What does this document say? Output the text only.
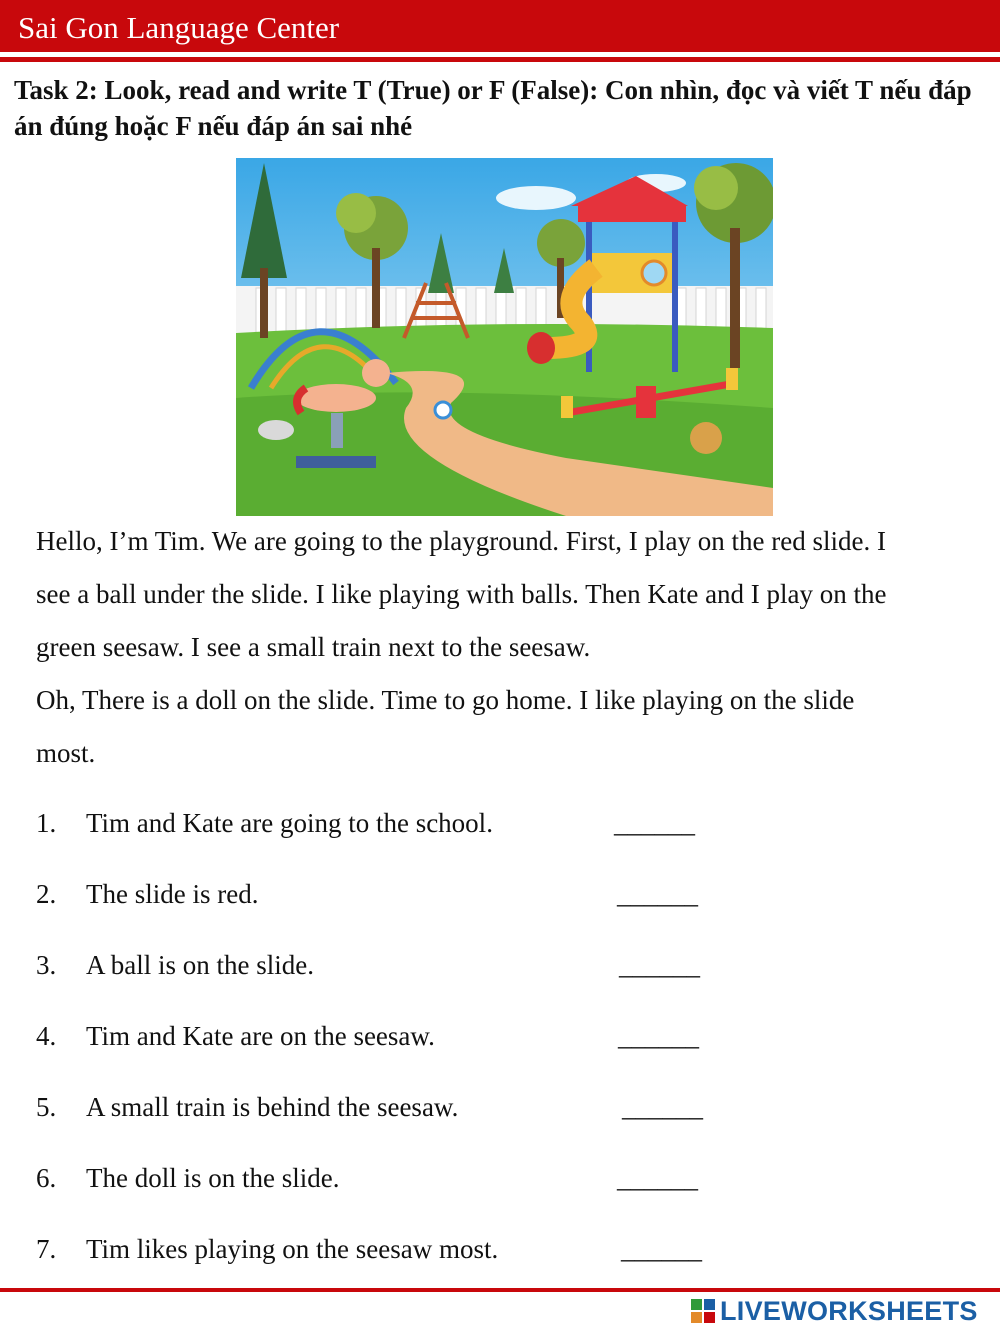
Sai Gon Language Center
Task 2: Look, read and write T (True) or F (False): Con nhìn, đọc và viết T nếu đáp án đúng hoặc F nếu đáp án sai nhé

Hello, I’m Tim. We are going to the playground. First, I play on the red slide. I

see a ball under the slide. I like playing with balls. Then Kate and I play on the

green seesaw. I see a small train next to the seesaw.

Oh, There is a doll on the slide. Time to go home. I like playing on the slide

most.

1. Tim and Kate are going to the school.	______
2. The slide is red.	______
3. A ball is on the slide.	______
4. Tim and Kate are on the seesaw.	______
5. A small train is behind the seesaw.	______
6. The doll is on the slide.	______
7. Tim likes playing on the seesaw most.	______
LIVEWORKSHEETS
